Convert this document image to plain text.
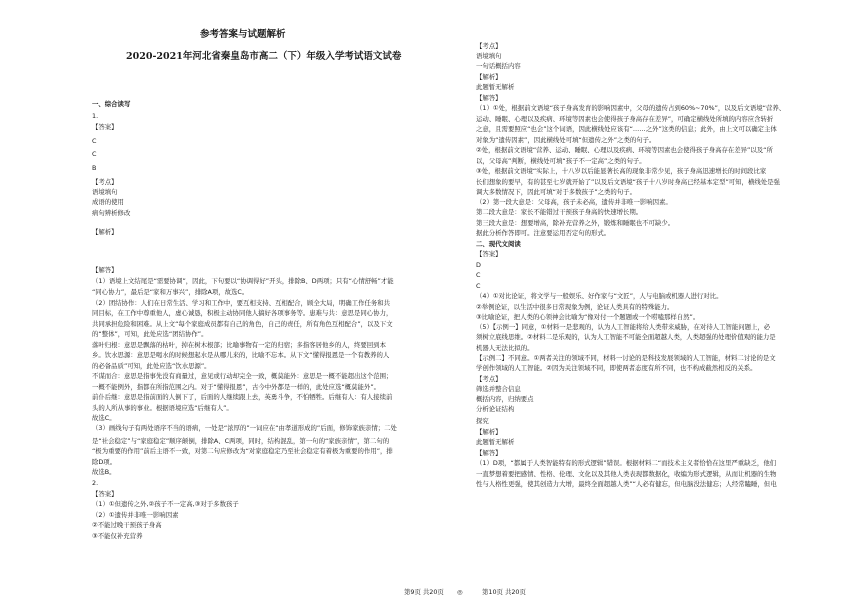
参考答案与试题解析
2020-2021年河北省秦皇岛市高二（下）年级入学考试语文试卷
一、综合读写
1.
【答案】
C
C
B
【考点】
语境填句
成语的使用
病句辨析修改
【解析】
【解答】
（1）语境上文结尾是“需要协调”，因此，下句要以“协调得好”开头，排除B、D两项；只有“心情舒畅”才能
“同心协力”，最后是“家和万事兴”，排除A项，故选C。
（2）团结协作：人们在日常生活、学习和工作中，要互相支持、互相配合，顾全大局，明确工作任务和共
同目标，在工作中尊重他人，虚心诚恳，积极主动协同他人搞好各项事务等。患难与共：意思是同心协力，
共同承担危险和困难。从上文“每个家庭成员都有自己的角色，自己的责任，所有角色互相配合”，以及下文
的“整体”，可知，此处应选“团结协作”。
落叶归根：意思是飘落的枯叶，掉在树木根部；比喻事物有一定的归宿；多指客居他乡的人，终要回到本
乡。饮水思源：意思是喝水的时候想起水是从哪儿来的，比喻不忘本。从下文“懂得报恩是一个有教养的人
的必备品质”可知，此处应选“饮水思源”。
不谋而合：意思是指事先没有商量过，意见或行动却完全一致，概莫能外：意思是一概不能超出这个范围；
一概不能例外，指都在所指范围之内。对于“懂得报恩”，古今中外都是一样的，此处应选“概莫能外”。
前仆后继：意思是指前面的人倒下了，后面的人继续跟上去，英勇斗争，不怕牺牲。后继有人：有人接续前
头的人所从事的事业。根据语境应选“后继有人”。
故选C。
（3）画线句子有两处语序不当的语病，一处是“浓厚的”一词应在“由孝道形成的”后面，修饰家族亲情；二处
是“社会稳定”与“家庭稳定”顺序颠倒，排除A、C两项，同时，结构混乱，第一句的“家族亲情”，第二句的
“极为重要的作用”前后主语不一致，对第二句应修改为“对家庭稳定乃至社会稳定有着极为重要的作用”，排
除D项。
故选B。
2.
【答案】
（1）①但遗传之外,②孩子不一定高,③对于多数孩子
（2）①遗传并非唯一影响因素
②不能过晚干预孩子身高
③不能仅补充营养
【考点】
语境填句
一句话概括内容
【解析】
此题暂无解析
【解答】
（1）①处，根据前文语境“孩子身高发育的影响因素中，父母的遗传占到60%~70%”，以及后文语境“营养、
运动、睡眠、心理以及疾病、环境等因素也会使得孩子身高存在差异”，可确定横线处所填的内容应含转折
之意，且需要照应“也会”这个词语，因此横线处应该有“……之外”这类的信息；此外，由上文可以确定主体
对象为“遗传因素”，因此横线处可填“但遗传之外”之类的句子。
②处，根据前文语境“营养、运动、睡眠、心理以及疾病、环境等因素也会使得孩子身高存在差异”以及“所
以，父母高”判断，横线处可填“孩子不一定高”之类的句子。
③处，根据前文语境“实际上，十八岁以后能显著长高的现象非常少见，孩子身高迅速增长的时间段比家
长们想象的要早，有的甚至七岁就开始了”以及后文语境“孩子十八岁时身高已经基本定型”可知，横线处是强
调大多数情况下，因此可填“对于多数孩子”之类的句子。
（2）第一段大意是：父母高，孩子未必高，遗传并非唯一影响因素。
第二段大意是：家长不能错过干预孩子身高的快速增长期。
第三段大意是：想要增高，除补充营养之外，锻炼和睡眠也不可缺少。
据此分析作答即可。注意要运用否定句的形式。
二、现代文阅读
【答案】
D
C
C
（4）①对比论证，将文学与一般娱乐、好作家与“文匠”，人与电脑或机器人进行对比。
②举例论证，以生活中很多日常现象为例，论证人类具有的特殊能力。
③比喻论证，把人类的心领神会比喻为“像对付一个题题或一个唠嗑那样自然”。
（5）【示例一】同意，①材料一是悲观的，认为人工智能将给人类带来威胁，在对待人工智能问题上，必
须树立底线思维。②材料二是乐观的，认为人工智能不可能全面超越人类，人类超强的处理价值观的能力是
机器人无法比拟的。
【示例二】不同意。①两者关注的领域不同，材料一讨论的是科技发展领域的人工智能，材料二讨论的是文
学创作领域的人工智能。②因为关注领域不同，即使两者态度有所不同，也不构成截然相反的关系。
【考点】
筛选并整合信息
概括内容，归纳要点
分析论证结构
探究
【解析】
此题暂无解析
【解答】
（1）D项，“都属于人类智能特有的形式逻辑”错误。根据材料二“而技术主义者恰恰在这里严重缺乏，他们
一直梦想着要把感情、性格、伦理、文化以及其他人类表现都数据化，收编为形式逻辑，从而让机器的生物
性与人格性更强，使其创造力大增，最终全面超越人类”“人必有健忘，但电脑没法健忘；人经常瞌睡，但电
第9页 共20页 ◎	第10页 共20页
